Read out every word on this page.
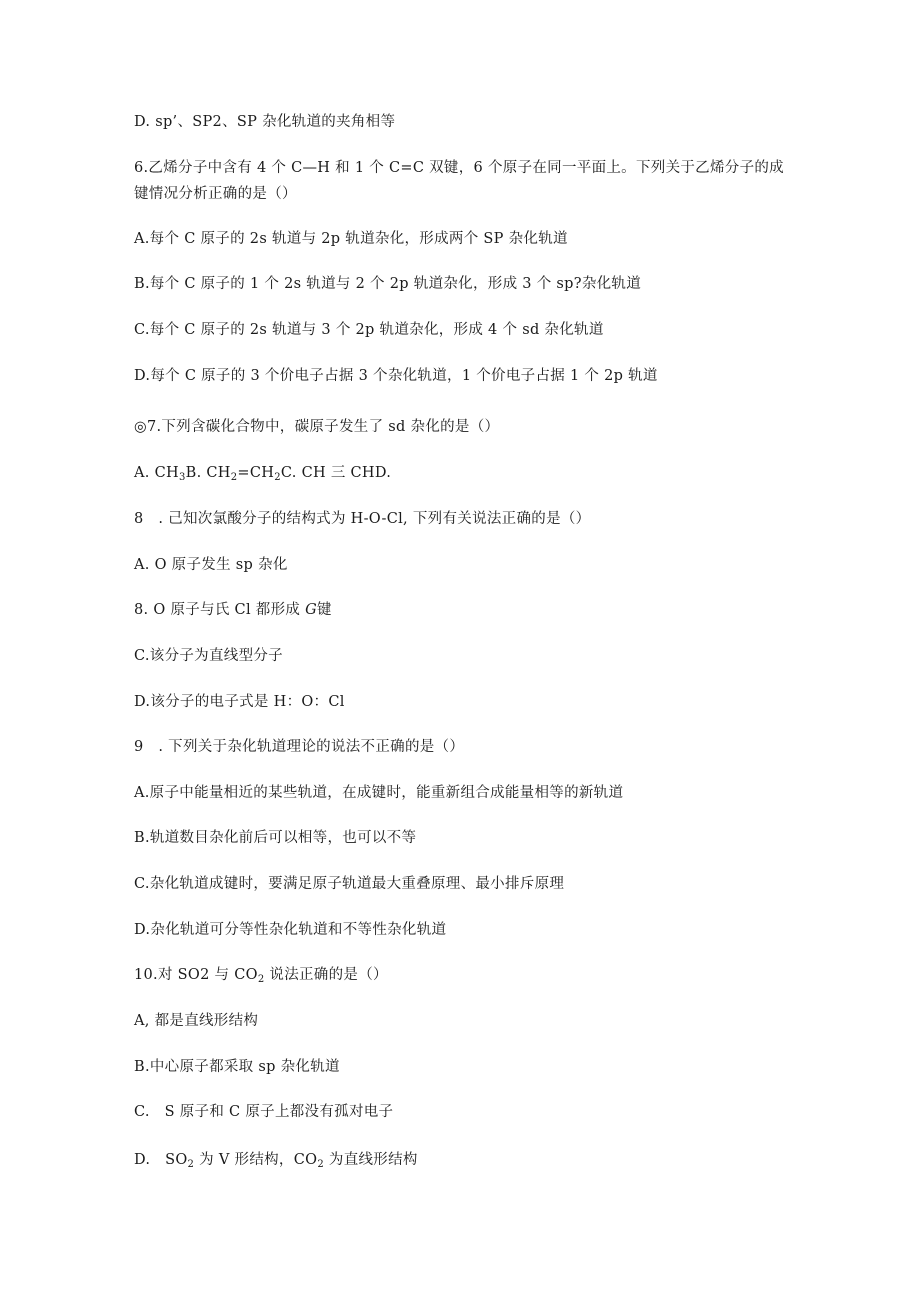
D. sp’、SP2、SP 杂化轨道的夹角相等
6.乙烯分子中含有 4 个 C—H 和 1 个 C=C 双键，6 个原子在同一平面上。下列关于乙烯分子的成
键情况分析正确的是（）
A.每个 C 原子的 2s 轨道与 2p 轨道杂化，形成两个 SP 杂化轨道
B.每个 C 原子的 1 个 2s 轨道与 2 个 2p 轨道杂化，形成 3 个 sp?杂化轨道
C.每个 C 原子的 2s 轨道与 3 个 2p 轨道杂化，形成 4 个 sd 杂化轨道
D.每个 C 原子的 3 个价电子占据 3 个杂化轨道，1 个价电子占据 1 个 2p 轨道
◎7.下列含碳化合物中，碳原子发生了 sd 杂化的是（）
A. $CH_3B$. $CH_2=CH_2C$. CH 三 CHD.
8　. 己知次氯酸分子的结构式为 H-O-Cl, 下列有关说法正确的是（）
A. O 原子发生 sp 杂化
8. O 原子与氏 Cl 都形成 G键
C.该分子为直线型分子
D.该分子的电子式是 H：O：Cl
9　. 下列关于杂化轨道理论的说法不正确的是（）
A.原子中能量相近的某些轨道，在成键时，能重新组合成能量相等的新轨道
B.轨道数目杂化前后可以相等，也可以不等
C.杂化轨道成键时，要满足原子轨道最大重叠原理、最小排斥原理
D.杂化轨道可分等性杂化轨道和不等性杂化轨道
10.对 SO2 与 $CO_2$ 说法正确的是（）
A, 都是直线形结构
B.中心原子都采取 sp 杂化轨道
C.　S 原子和 C 原子上都没有孤对电子
D.　$SO_2$ 为 V 形结构，$CO_2$ 为直线形结构
